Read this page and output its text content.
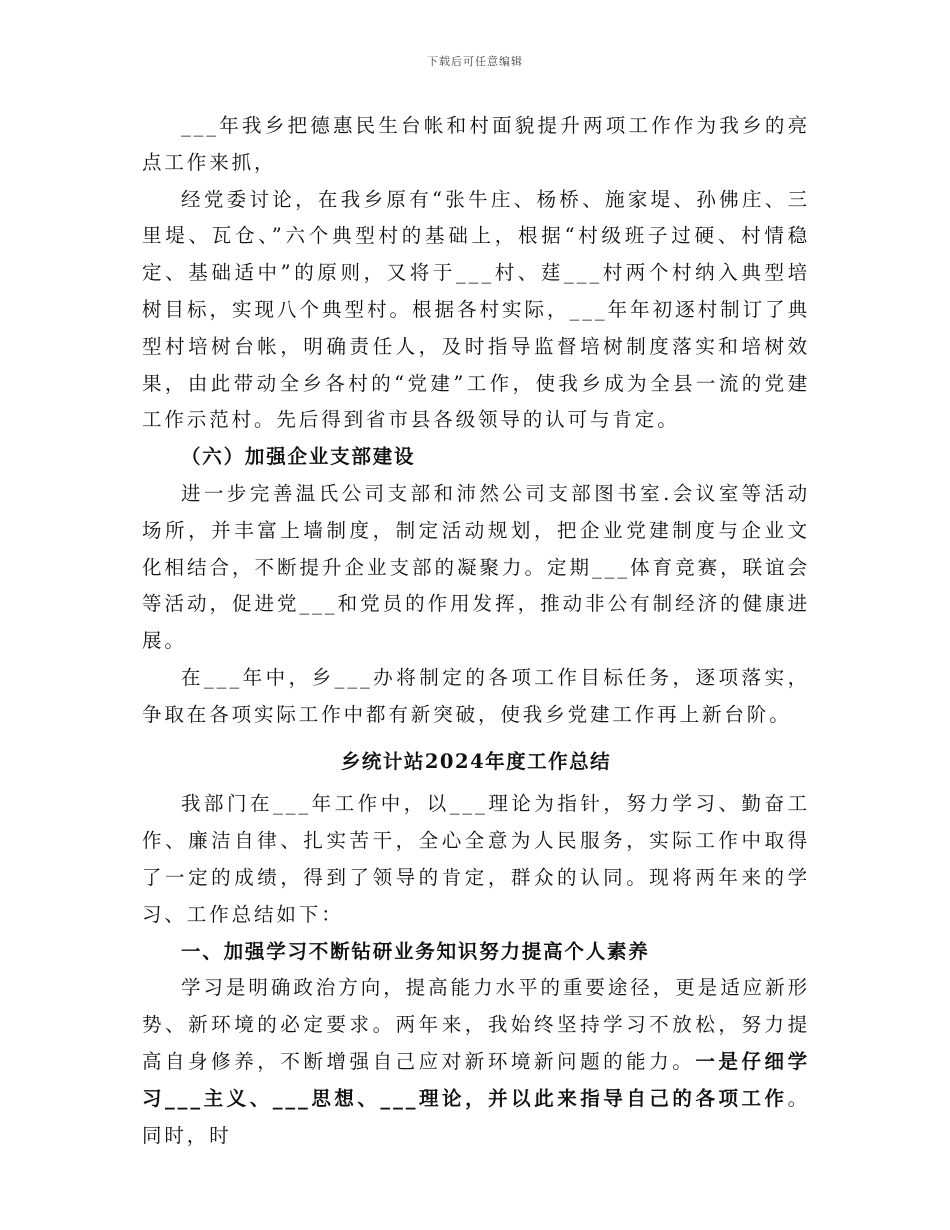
下载后可任意编辑

___年我乡把德惠民生台帐和村面貌提升两项工作作为我乡的亮点工作来抓，

经党委讨论，在我乡原有“张牛庄、杨桥、施家堤、孙佛庄、三里堤、瓦仓、”六个典型村的基础上，根据“村级班子过硬、村情稳定、基础适中”的原则，又将于___村、莛___村两个村纳入典型培树目标，实现八个典型村。根据各村实际，___年年初逐村制订了典型村培树台帐，明确责任人，及时指导监督培树制度落实和培树效果，由此带动全乡各村的“党建”工作，使我乡成为全县一流的党建工作示范村。先后得到省市县各级领导的认可与肯定。

（六）加强企业支部建设

进一步完善温氏公司支部和沛然公司支部图书室.会议室等活动场所，并丰富上墙制度，制定活动规划，把企业党建制度与企业文化相结合，不断提升企业支部的凝聚力。定期___体育竞赛，联谊会等活动，促进党___和党员的作用发挥，推动非公有制经济的健康进展。

在___年中，乡___办将制定的各项工作目标任务，逐项落实，争取在各项实际工作中都有新突破，使我乡党建工作再上新台阶。

乡统计站2024年度工作总结

我部门在___年工作中，以___理论为指针，努力学习、勤奋工作、廉洁自律、扎实苦干，全心全意为人民服务，实际工作中取得了一定的成绩，得到了领导的肯定，群众的认同。现将两年来的学习、工作总结如下：

一、加强学习不断钻研业务知识努力提高个人素养

学习是明确政治方向，提高能力水平的重要途径，更是适应新形势、新环境的必定要求。两年来，我始终坚持学习不放松，努力提高自身修养，不断增强自己应对新环境新问题的能力。一是仔细学习___主义、___思想、___理论，并以此来指导自己的各项工作。同时，时
